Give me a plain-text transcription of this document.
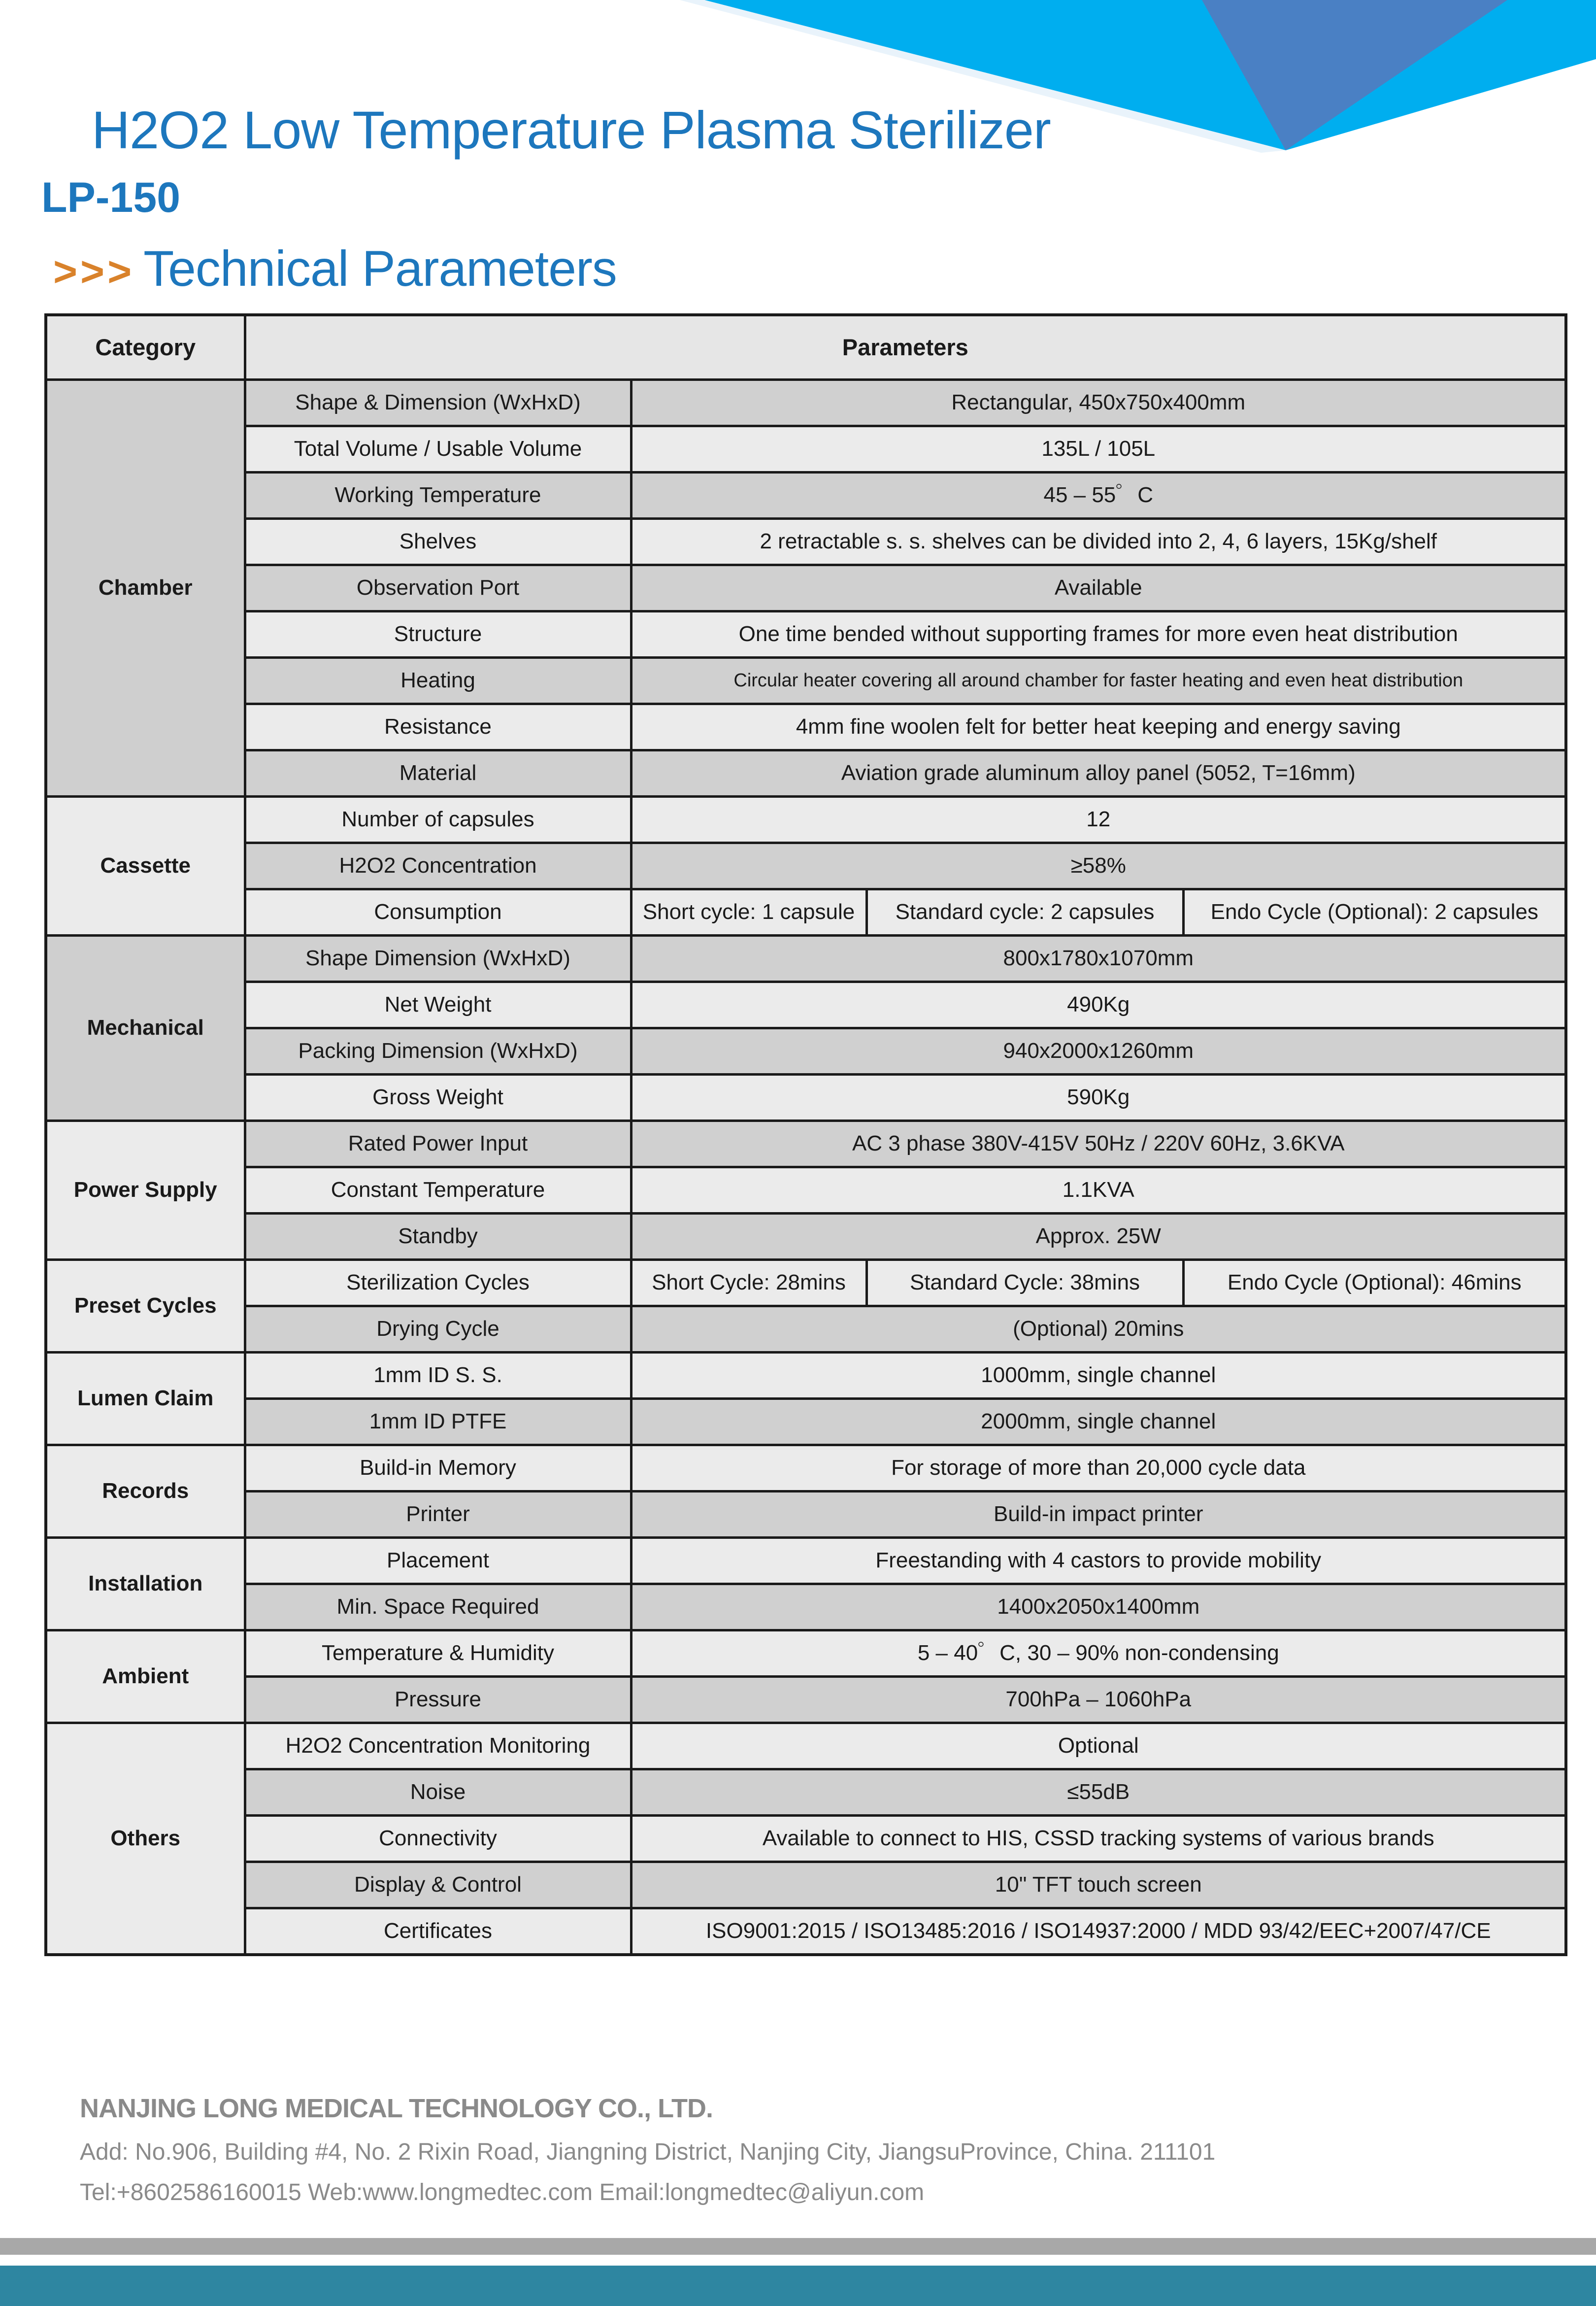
H2O2 Low Temperature Plasma Sterilizer
LP-150
>>> Technical Parameters
Category	Parameters			
Chamber	Shape & Dimension (WxHxD)	Rectangular, 450x750x400mm		
	Total Volume / Usable Volume	135L / 105L		
	Working Temperature	45 – 55゜C		
	Shelves	2 retractable s. s. shelves can be divided into 2, 4, 6 layers, 15Kg/shelf		
	Observation Port	Available		
	Structure	One time bended without supporting frames for more even heat distribution		
	Heating	Circular heater covering all around chamber for faster heating and even heat distribution		
	Resistance	4mm fine woolen felt for better heat keeping and energy saving		
	Material	Aviation grade aluminum alloy panel (5052, T=16mm)		
Cassette	Number of capsules	12		
	H2O2 Concentration	≥58%		
	Consumption	Short cycle: 1 capsule	Standard cycle: 2 capsules	Endo Cycle (Optional): 2 capsules
Mechanical	Shape Dimension (WxHxD)	800x1780x1070mm		
	Net Weight	490Kg		
	Packing Dimension (WxHxD)	940x2000x1260mm		
	Gross Weight	590Kg		
Power Supply	Rated Power Input	AC 3 phase 380V-415V 50Hz / 220V 60Hz, 3.6KVA		
	Constant Temperature	1.1KVA		
	Standby	Approx. 25W		
Preset Cycles	Sterilization Cycles	Short Cycle: 28mins	Standard Cycle: 38mins	Endo Cycle (Optional): 46mins
	Drying Cycle	(Optional) 20mins		
Lumen Claim	1mm ID S. S.	1000mm, single channel		
	1mm ID PTFE	2000mm, single channel		
Records	Build-in Memory	For storage of more than 20,000 cycle data		
	Printer	Build-in impact printer		
Installation	Placement	Freestanding with 4 castors to provide mobility		
	Min. Space Required	1400x2050x1400mm		
Ambient	Temperature & Humidity	5 – 40゜C, 30 – 90% non-condensing		
	Pressure	700hPa – 1060hPa		
Others	H2O2 Concentration Monitoring	Optional		
	Noise	≤55dB		
	Connectivity	Available to connect to HIS, CSSD tracking systems of various brands		
	Display & Control	10" TFT touch screen		
	Certificates	ISO9001:2015 / ISO13485:2016 / ISO14937:2000 / MDD 93/42/EEC+2007/47/CE		
NANJING LONG MEDICAL TECHNOLOGY CO., LTD.
Add: No.906, Building #4, No. 2 Rixin Road, Jiangning District, Nanjing City, JiangsuProvince, China. 211101
Tel:+8602586160015 Web:www.longmedtec.com Email:longmedtec@aliyun.com
